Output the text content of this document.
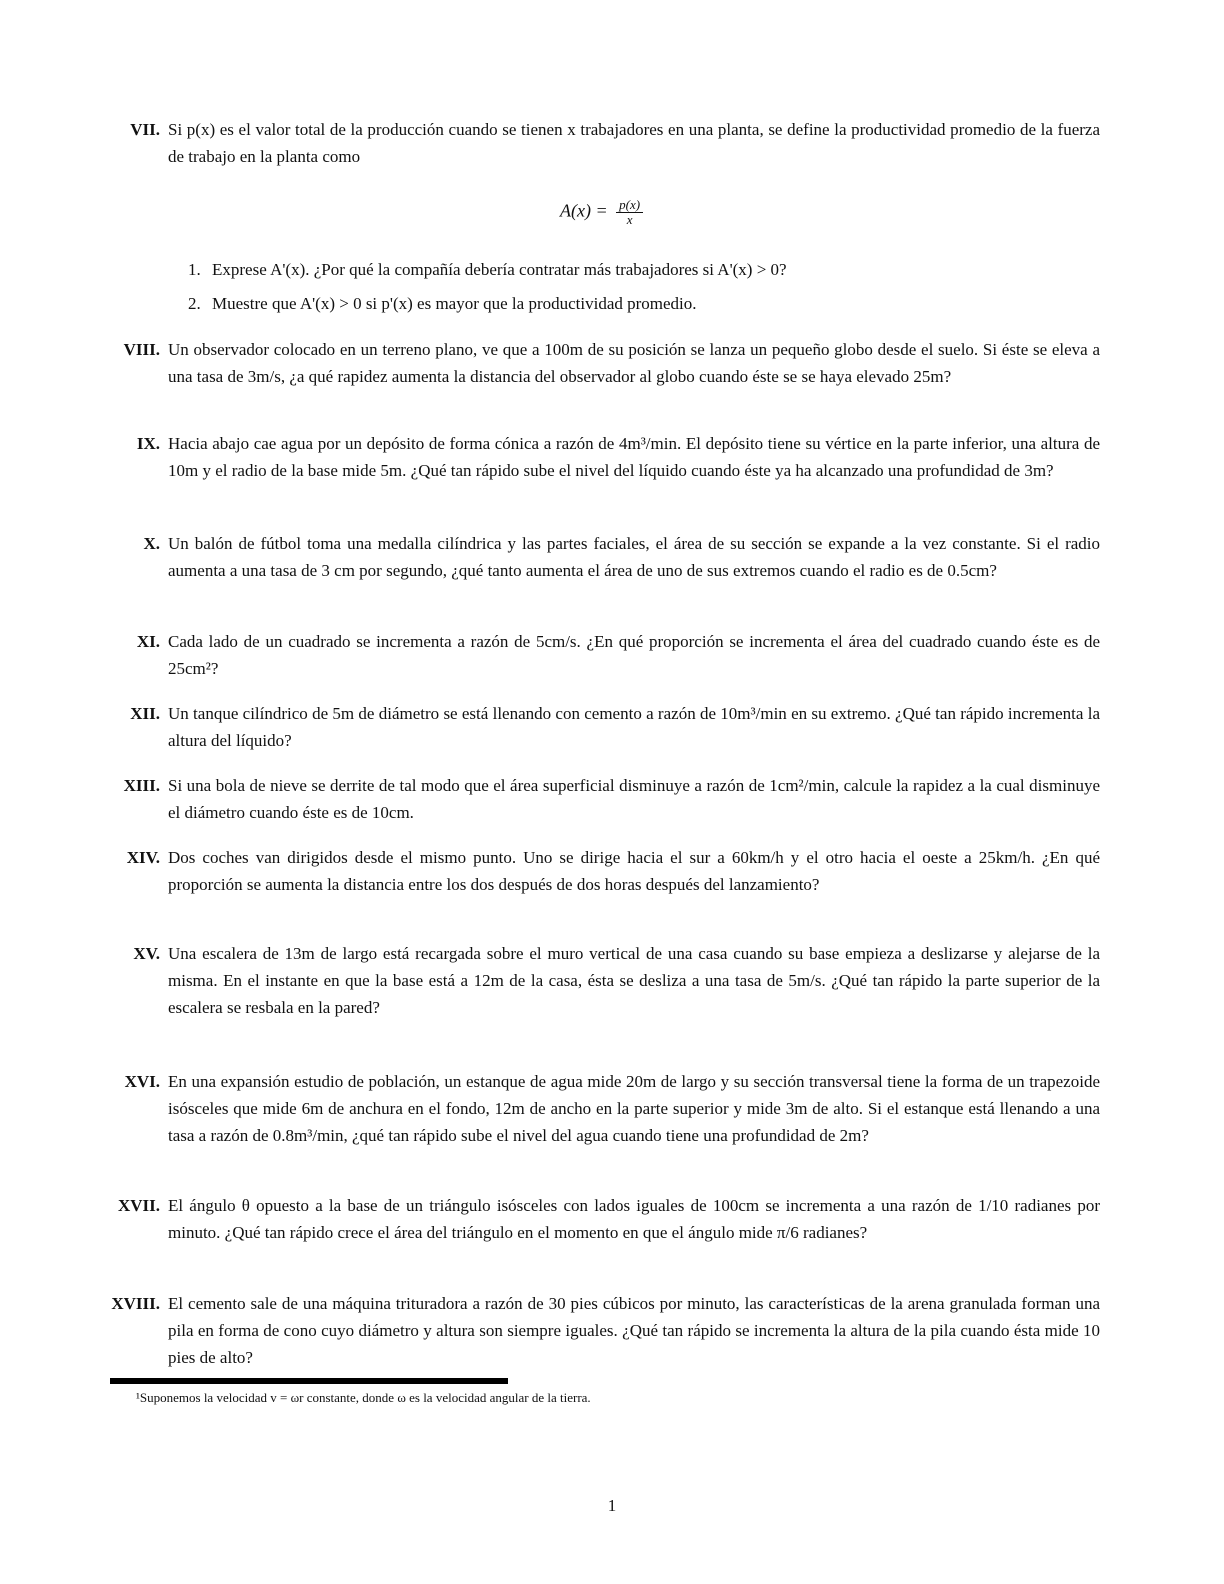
VII. Si p(x) es el valor total de la producción cuando se tienen x trabajadores en una planta, se define la productividad promedio de la fuerza de trabajo en la planta como
$A(x) = \frac{p(x)}{x}$
1. Exprese A'(x). ¿Por qué la compañía debería contratar más trabajadores si A'(x) > 0?
2. Muestre que A'(x) > 0 si p'(x) es mayor que la productividad promedio.
VIII. Un observador colocado en un terreno plano, ve que a 100m de su posición se lanza un pequeño globo desde el suelo. Si éste se eleva a una tasa de 3m/s, ¿a qué rapidez aumenta la distancia del observador al globo cuando éste se se haya elevado 25m?
IX. Hacia abajo cae agua por un depósito de forma cónica a razón de 4m³/min. El depósito tiene su vértice en la parte inferior, una altura de 10m y el radio de la base mide 5m. ¿Qué tan rápido sube el nivel del líquido cuando éste ya ha alcanzado una profundidad de 3m?
X. Un balón de fútbol toma una medalla cilíndrica y las partes faciales, el área de su sección se expande a la vez constante. Si el radio aumenta a una tasa de 3 cm por segundo, ¿qué tanto aumenta el área de uno de sus extremos cuando el radio es de 0.5cm?
XI. Cada lado de un cuadrado se incrementa a razón de 5cm/s. ¿En qué proporción se incrementa el área del cuadrado cuando éste es de 25cm²?
XII. Un tanque cilíndrico de 5m de diámetro se está llenando con cemento a razón de 10m³/min en su extremo. ¿Qué tan rápido incrementa la altura del líquido?
XIII. Si una bola de nieve se derrite de tal modo que el área superficial disminuye a razón de 1cm²/min, calcule la rapidez a la cual disminuye el diámetro cuando éste es de 10cm.
XIV. Dos coches van dirigidos desde el mismo punto. Uno se dirige hacia el sur a 60km/h y el otro hacia el oeste a 25km/h. ¿En qué proporción se aumenta la distancia entre los dos después de dos horas después del lanzamiento?
XV. Una escalera de 13m de largo está recargada sobre el muro vertical de una casa cuando su base empieza a deslizarse y alejarse de la misma. En el instante en que la base está a 12m de la casa, ésta se desliza a una tasa de 5m/s. ¿Qué tan rápido la parte superior de la escalera se resbala en la pared?
XVI. En una expansión estudio de población, un estanque de agua mide 20m de largo y su sección transversal tiene la forma de un trapezoide isósceles que mide 6m de anchura en el fondo, 12m de ancho en la parte superior y mide 3m de alto. Si el estanque está llenando a una tasa a razón de 0.8m³/min, ¿qué tan rápido sube el nivel del agua cuando tiene una profundidad de 2m?
XVII. El ángulo θ opuesto a la base de un triángulo isósceles con lados iguales de 100cm se incrementa a una razón de 1/10 radianes por minuto. ¿Qué tan rápido crece el área del triángulo en el momento en que el ángulo mide π/6 radianes?
XVIII. El cemento sale de una máquina trituradora a razón de 30 pies cúbicos por minuto, las características de la arena granulada forman una pila en forma de cono cuyo diámetro y altura son siempre iguales. ¿Qué tan rápido se incrementa la altura de la pila cuando ésta mide 10 pies de alto?
¹Suponemos la velocidad v = ωr constante, donde ω es la velocidad angular de la tierra.
1
